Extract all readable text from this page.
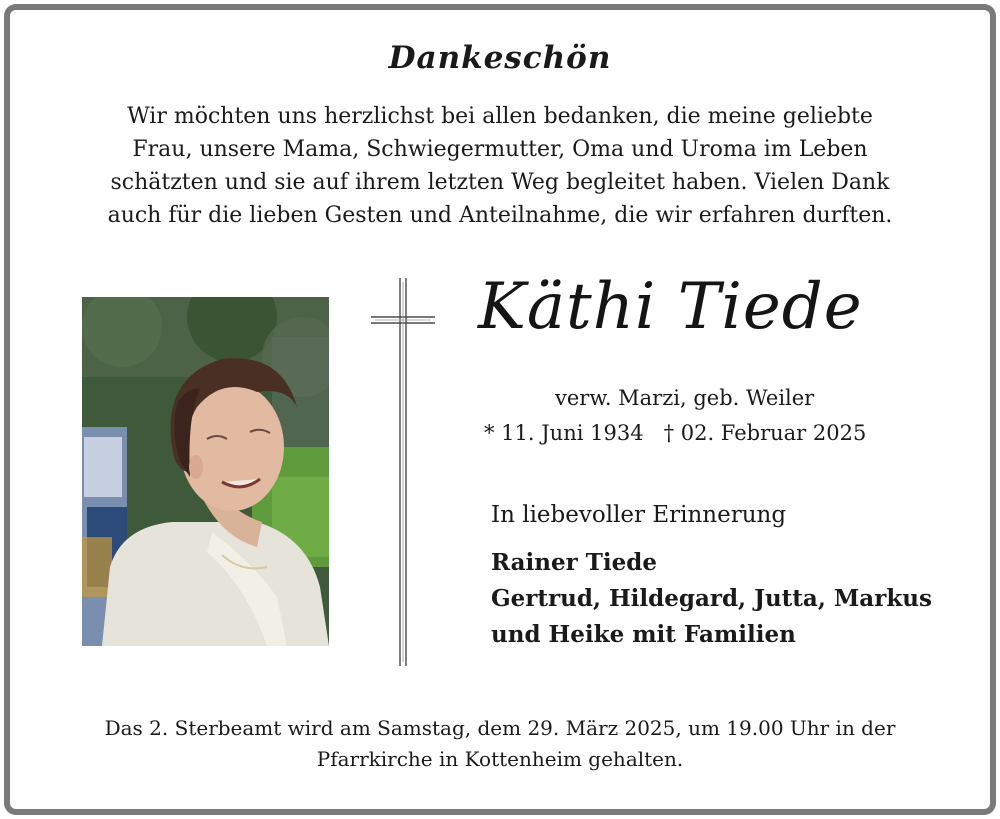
Dankeschön
Wir möchten uns herzlichst bei allen bedanken, die meine geliebte
Frau, unsere Mama, Schwiegermutter, Oma und Uroma im Leben
schätzten und sie auf ihrem letzten Weg begleitet haben. Vielen Dank
auch für die lieben Gesten und Anteilnahme, die wir erfahren durften.
Käthi Tiede
verw. Marzi, geb. Weiler
* 11. Juni 1934 † 02. Februar 2025
In liebevoller Erinnerung
Rainer Tiede
Gertrud, Hildegard, Jutta, Markus
und Heike mit Familien
Das 2. Sterbeamt wird am Samstag, dem 29. März 2025, um 19.00 Uhr in der
Pfarrkirche in Kottenheim gehalten.
